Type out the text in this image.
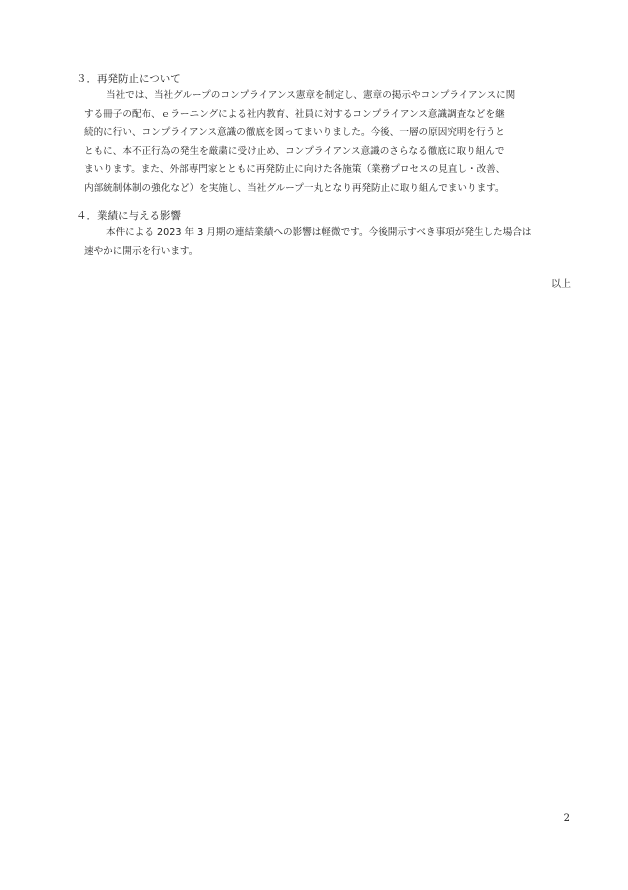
３．再発防止について
当社では、当社グループのコンプライアンス憲章を制定し、憲章の掲示やコンプライアンスに関
する冊子の配布、ｅラーニングによる社内教育、社員に対するコンプライアンス意識調査などを継
続的に行い、コンプライアンス意識の徹底を図ってまいりました。今後、一層の原因究明を行うと
ともに、本不正行為の発生を厳粛に受け止め、コンプライアンス意識のさらなる徹底に取り組んで
まいります。また、外部専門家とともに再発防止に向けた各施策（業務プロセスの見直し・改善、
内部統制体制の強化など）を実施し、当社グループ一丸となり再発防止に取り組んでまいります。
４．業績に与える影響
本件による 2023 年 3 月期の連結業績への影響は軽微です。今後開示すべき事項が発生した場合は
速やかに開示を行います。
以上
2
